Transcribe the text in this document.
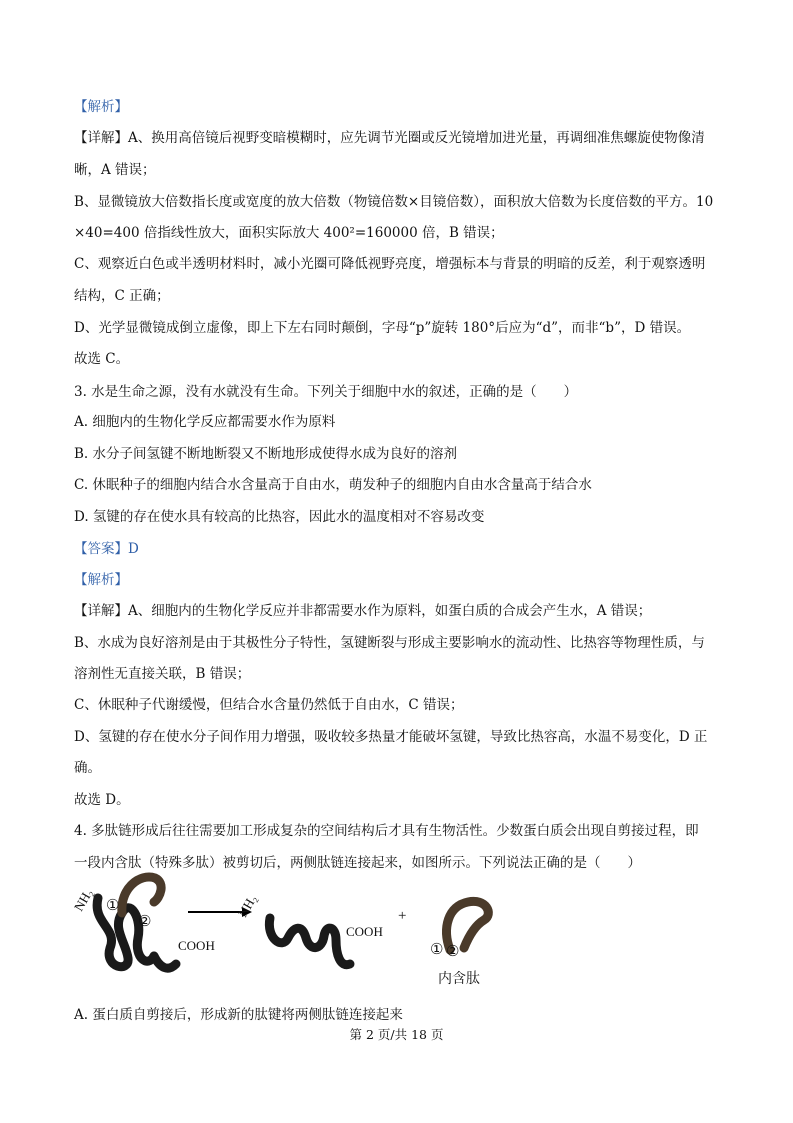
【解析】
【详解】A、换用高倍镜后视野变暗模糊时，应先调节光圈或反光镜增加进光量，再调细准焦螺旋使物像清
晰，A 错误；
B、显微镜放大倍数指长度或宽度的放大倍数（物镜倍数×目镜倍数），面积放大倍数为长度倍数的平方。10
×40=400 倍指线性放大，面积实际放大 400²=160000 倍，B 错误；
C、观察近白色或半透明材料时，减小光圈可降低视野亮度，增强标本与背景的明暗的反差，利于观察透明
结构，C 正确；
D、光学显微镜成倒立虚像，即上下左右同时颠倒，字母“p”旋转 180°后应为“d”，而非“b”，D 错误。
故选 C。
3. 水是生命之源，没有水就没有生命。下列关于细胞中水的叙述，正确的是（　　）
A. 细胞内的生物化学反应都需要水作为原料
B. 水分子间氢键不断地断裂又不断地形成使得水成为良好的溶剂
C. 休眠种子的细胞内结合水含量高于自由水，萌发种子的细胞内自由水含量高于结合水
D. 氢键的存在使水具有较高的比热容，因此水的温度相对不容易改变
【答案】D
【解析】
【详解】A、细胞内的生物化学反应并非都需要水作为原料，如蛋白质的合成会产生水，A 错误；
B、水成为良好溶剂是由于其极性分子特性，氢键断裂与形成主要影响水的流动性、比热容等物理性质，与
溶剂性无直接关联，B 错误；
C、休眠种子代谢缓慢，但结合水含量仍然低于自由水，C 错误；
D、氢键的存在使水分子间作用力增强，吸收较多热量才能破坏氢键，导致比热容高，水温不易变化，D 正
确。
故选 D。
4. 多肽链形成后往往需要加工形成复杂的空间结构后才具有生物活性。少数蛋白质会出现自剪接过程，即
一段内含肽（特殊多肽）被剪切后，两侧肽链连接起来，如图所示。下列说法正确的是（　　）
A. 蛋白质自剪接后，形成新的肽键将两侧肽链连接起来
NH₂ ①
②
COOH
NH₂
COOH
+
① ②
内含肽
第 2 页/共 18 页
